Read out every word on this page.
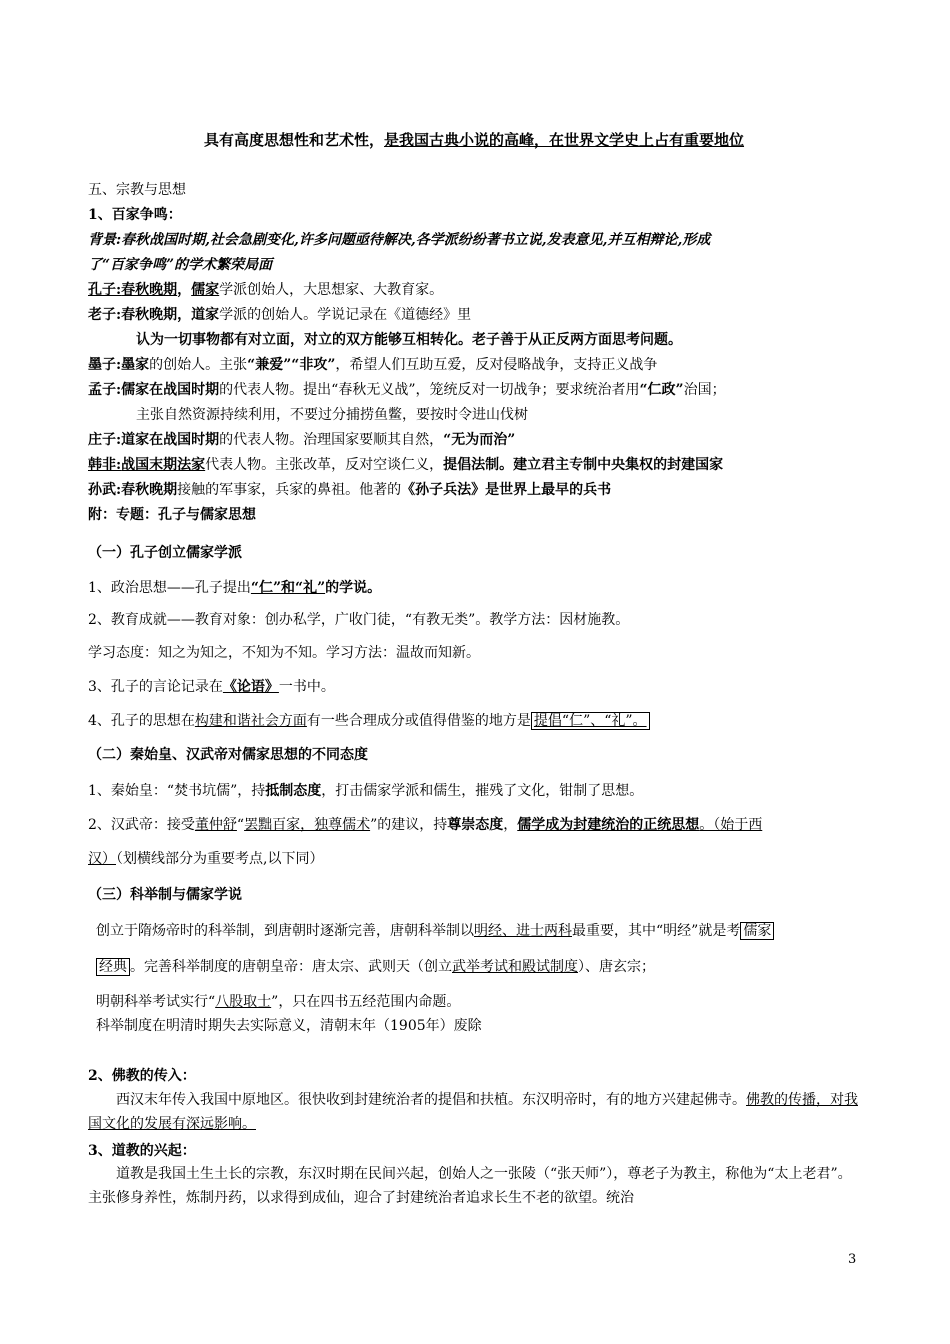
具有高度思想性和艺术性，是我国古典小说的高峰，在世界文学史上占有重要地位
五、宗教与思想
1、百家争鸣：
背景:春秋战国时期,社会急剧变化,许多问题亟待解决,各学派纷纷著书立说,发表意见,并互相辩论,形成
了“百家争鸣”的学术繁荣局面
孔子:春秋晚期，儒家学派创始人，大思想家、大教育家。
老子:春秋晚期，道家学派的创始人。学说记录在《道德经》里
认为一切事物都有对立面，对立的双方能够互相转化。老子善于从正反两方面思考问题。
墨子:墨家的创始人。主张“兼爱”“非攻”，希望人们互助互爱，反对侵略战争，支持正义战争
孟子:儒家在战国时期的代表人物。提出“春秋无义战”，笼统反对一切战争；要求统治者用“仁政”治国；
主张自然资源持续利用，不要过分捕捞鱼鳖，要按时令进山伐树
庄子:道家在战国时期的代表人物。治理国家要顺其自然，“无为而治”
韩非:战国末期法家代表人物。主张改革，反对空谈仁义，提倡法制。建立君主专制中央集权的封建国家
孙武:春秋晚期接触的军事家，兵家的鼻祖。他著的《孙子兵法》是世界上最早的兵书
附：专题：孔子与儒家思想
（一）孔子创立儒家学派
1、政治思想——孔子提出“仁”和“礼”的学说。
2、教育成就——教育对象：创办私学，广收门徒，“有教无类”。教学方法：因材施教。
学习态度：知之为知之，不知为不知。学习方法：温故而知新。
3、孔子的言论记录在《论语》一书中。
4、孔子的思想在构建和谐社会方面有一些合理成分或值得借鉴的地方是 提倡“仁”、“礼”。
（二）秦始皇、汉武帝对儒家思想的不同态度
1、秦始皇：“焚书坑儒”，持抵制态度，打击儒家学派和儒生，摧残了文化，钳制了思想。
2、汉武帝：接受董仲舒“罢黜百家，独尊儒术”的建议，持尊崇态度，儒学成为封建统治的正统思想。（始于西
汉）（划横线部分为重要考点,以下同）
（三）科举制与儒家学说
创立于隋炀帝时的科举制，到唐朝时逐渐完善，唐朝科举制以明经、进士两科最重要，其中“明经”就是考 儒家
经典 。完善科举制度的唐朝皇帝：唐太宗、武则天（创立武举考试和殿试制度）、唐玄宗；
明朝科举考试实行“八股取士”，只在四书五经范围内命题。
科举制度在明清时期失去实际意义，清朝末年（1905年）废除
2、佛教的传入：
西汉末年传入我国中原地区。很快收到封建统治者的提倡和扶植。东汉明帝时，有的地方兴建起佛寺。佛教的传播，对我国文化的发展有深远影响。
3、道教的兴起：
道教是我国土生土长的宗教，东汉时期在民间兴起，创始人之一张陵（“张天师”），尊老子为教主，称他为“太上老君”。主张修身养性，炼制丹药，以求得到成仙，迎合了封建统治者追求长生不老的欲望。统治
3
